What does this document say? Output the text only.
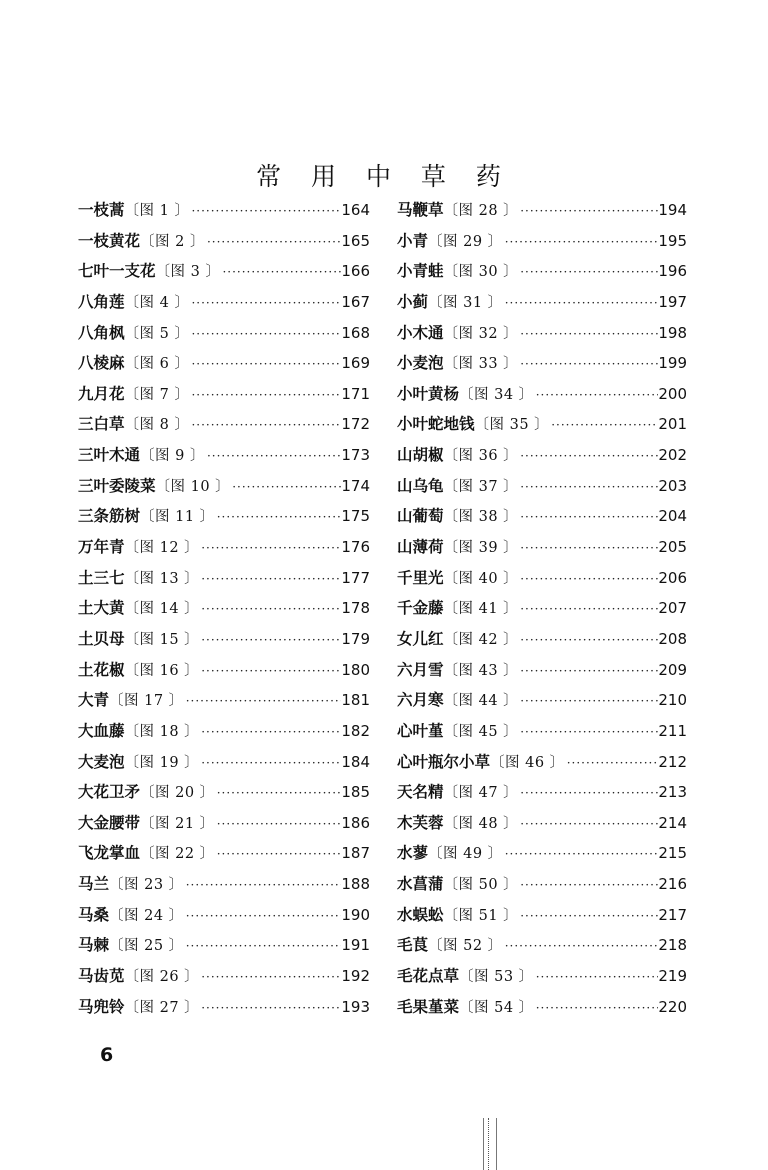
常 用 中 草 药
一枝蒿 〔图 1 〕 ·····	164
一枝黄花 〔图 2 〕 ·····	165
七叶一支花 〔图 3 〕 ·····	166
八角莲 〔图 4 〕 ·····	167
八角枫 〔图 5 〕 ·····	168
八棱麻 〔图 6 〕 ·····	169
九月花 〔图 7 〕 ·····	171
三白草 〔图 8 〕 ·····	172
三叶木通 〔图 9 〕 ·····	173
三叶委陵菜 〔图 10 〕 ·····	174
三条筋树 〔图 11 〕 ·····	175
万年青 〔图 12 〕 ·····	176
土三七 〔图 13 〕 ·····	177
土大黄 〔图 14 〕 ·····	178
土贝母 〔图 15 〕 ·····	179
土花椒 〔图 16 〕 ·····	180
大青 〔图 17 〕 ·····	181
大血藤 〔图 18 〕 ·····	182
大麦泡 〔图 19 〕 ·····	184
大花卫矛 〔图 20 〕 ·····	185
大金腰带 〔图 21 〕 ·····	186
飞龙掌血 〔图 22 〕 ·····	187
马兰 〔图 23 〕 ·····	188
马桑 〔图 24 〕 ·····	190
马棘 〔图 25 〕 ·····	191
马齿苋 〔图 26 〕 ·····	192
马兜铃 〔图 27 〕 ·····	193
马鞭草 〔图 28 〕 ·····	194
小青 〔图 29 〕 ·····	195
小青蛙 〔图 30 〕 ·····	196
小蓟 〔图 31 〕 ·····	197
小木通 〔图 32 〕 ·····	198
小麦泡 〔图 33 〕 ·····	199
小叶黄杨 〔图 34 〕 ·····	200
小叶蛇地钱 〔图 35 〕 ·····	201
山胡椒 〔图 36 〕 ·····	202
山乌龟 〔图 37 〕 ·····	203
山葡萄 〔图 38 〕 ·····	204
山薄荷 〔图 39 〕 ·····	205
千里光 〔图 40 〕 ·····	206
千金藤 〔图 41 〕 ·····	207
女儿红 〔图 42 〕 ·····	208
六月雪 〔图 43 〕 ·····	209
六月寒 〔图 44 〕 ·····	210
心叶堇 〔图 45 〕 ·····	211
心叶瓶尔小草 〔图 46 〕 ·····	212
天名精 〔图 47 〕 ·····	213
木芙蓉 〔图 48 〕 ·····	214
水蓼 〔图 49 〕 ·····	215
水菖蒲 〔图 50 〕 ·····	216
水蜈蚣 〔图 51 〕 ·····	217
毛茛 〔图 52 〕 ·····	218
毛花点草 〔图 53 〕 ·····	219
毛果堇菜 〔图 54 〕 ·····	220
6
